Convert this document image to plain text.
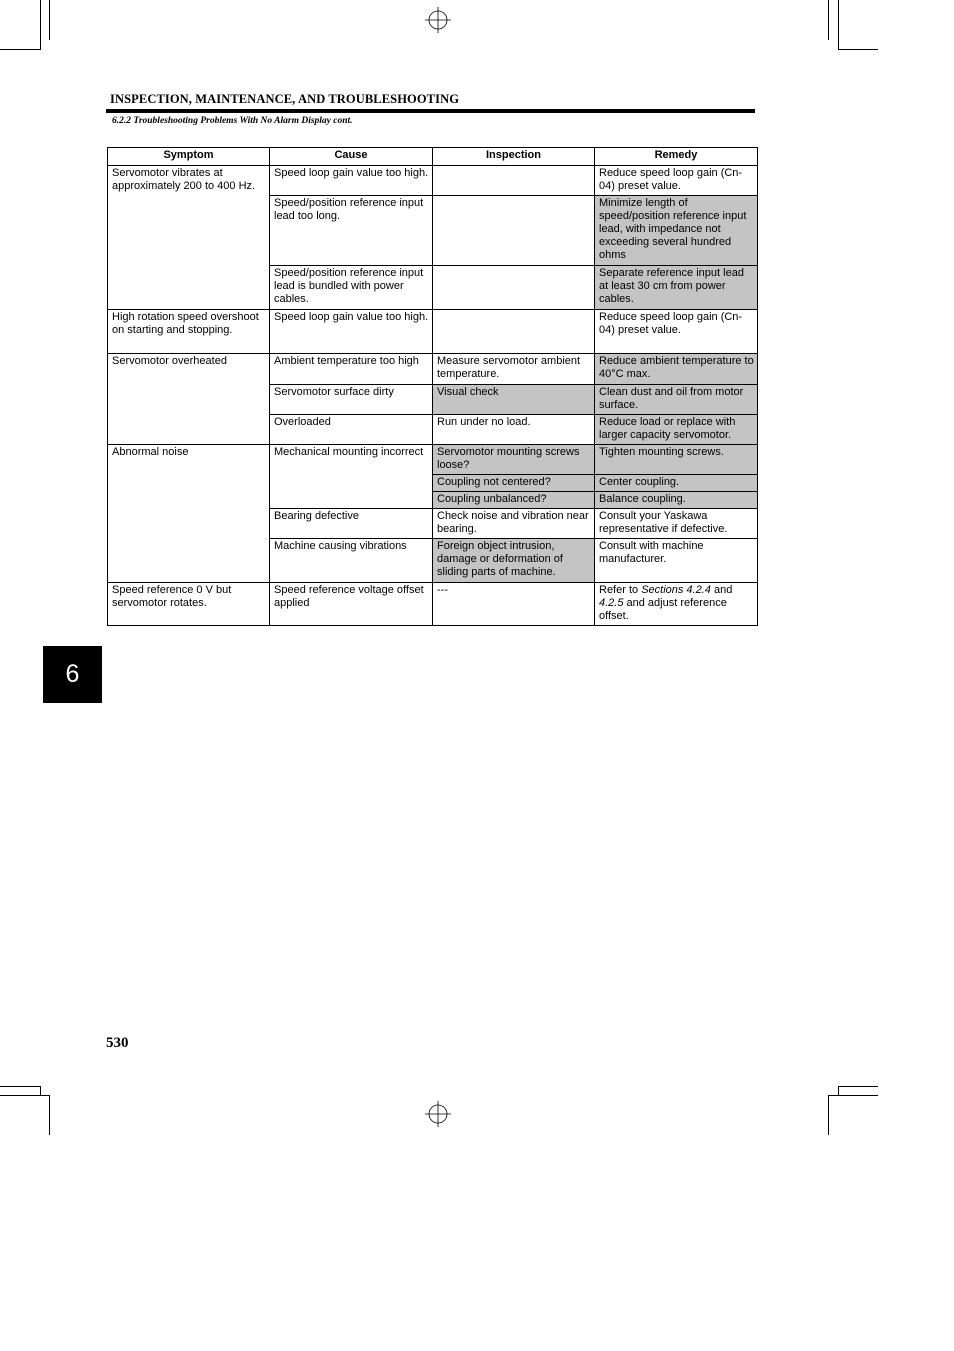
INSPECTION, MAINTENANCE, AND TROUBLESHOOTING
6.2.2 Troubleshooting Problems With No Alarm Display cont.
Symptom	Cause	Inspection	Remedy
Servomotor vibrates at approximately 200 to 400 Hz.	Speed loop gain value too high.		Reduce speed loop gain (Cn-04) preset value.
	Speed/position reference input lead too long.		Minimize length of speed/position reference input lead, with impedance not exceeding several hundred ohms
	Speed/position reference input lead is bundled with power cables.		Separate reference input lead at least 30 cm from power cables.
High rotation speed overshoot on starting and stopping.	Speed loop gain value too high.		Reduce speed loop gain (Cn-04) preset value.
Servomotor overheated	Ambient temperature too high	Measure servomotor ambient temperature.	Reduce ambient temperature to 40°C max.
	Servomotor surface dirty	Visual check	Clean dust and oil from motor surface.
	Overloaded	Run under no load.	Reduce load or replace with larger capacity servomotor.
Abnormal noise	Mechanical mounting incorrect	Servomotor mounting screws loose?	Tighten mounting screws.
		Coupling not centered?	Center coupling.
		Coupling unbalanced?	Balance coupling.
	Bearing defective	Check noise and vibration near bearing.	Consult your Yaskawa representative if defective.
	Machine causing vibrations	Foreign object intrusion, damage or deformation of sliding parts of machine.	Consult with machine manufacturer.
Speed reference 0 V but servomotor rotates.	Speed reference voltage offset applied	---	Refer to Sections 4.2.4 and 4.2.5 and adjust reference offset.
6
530
